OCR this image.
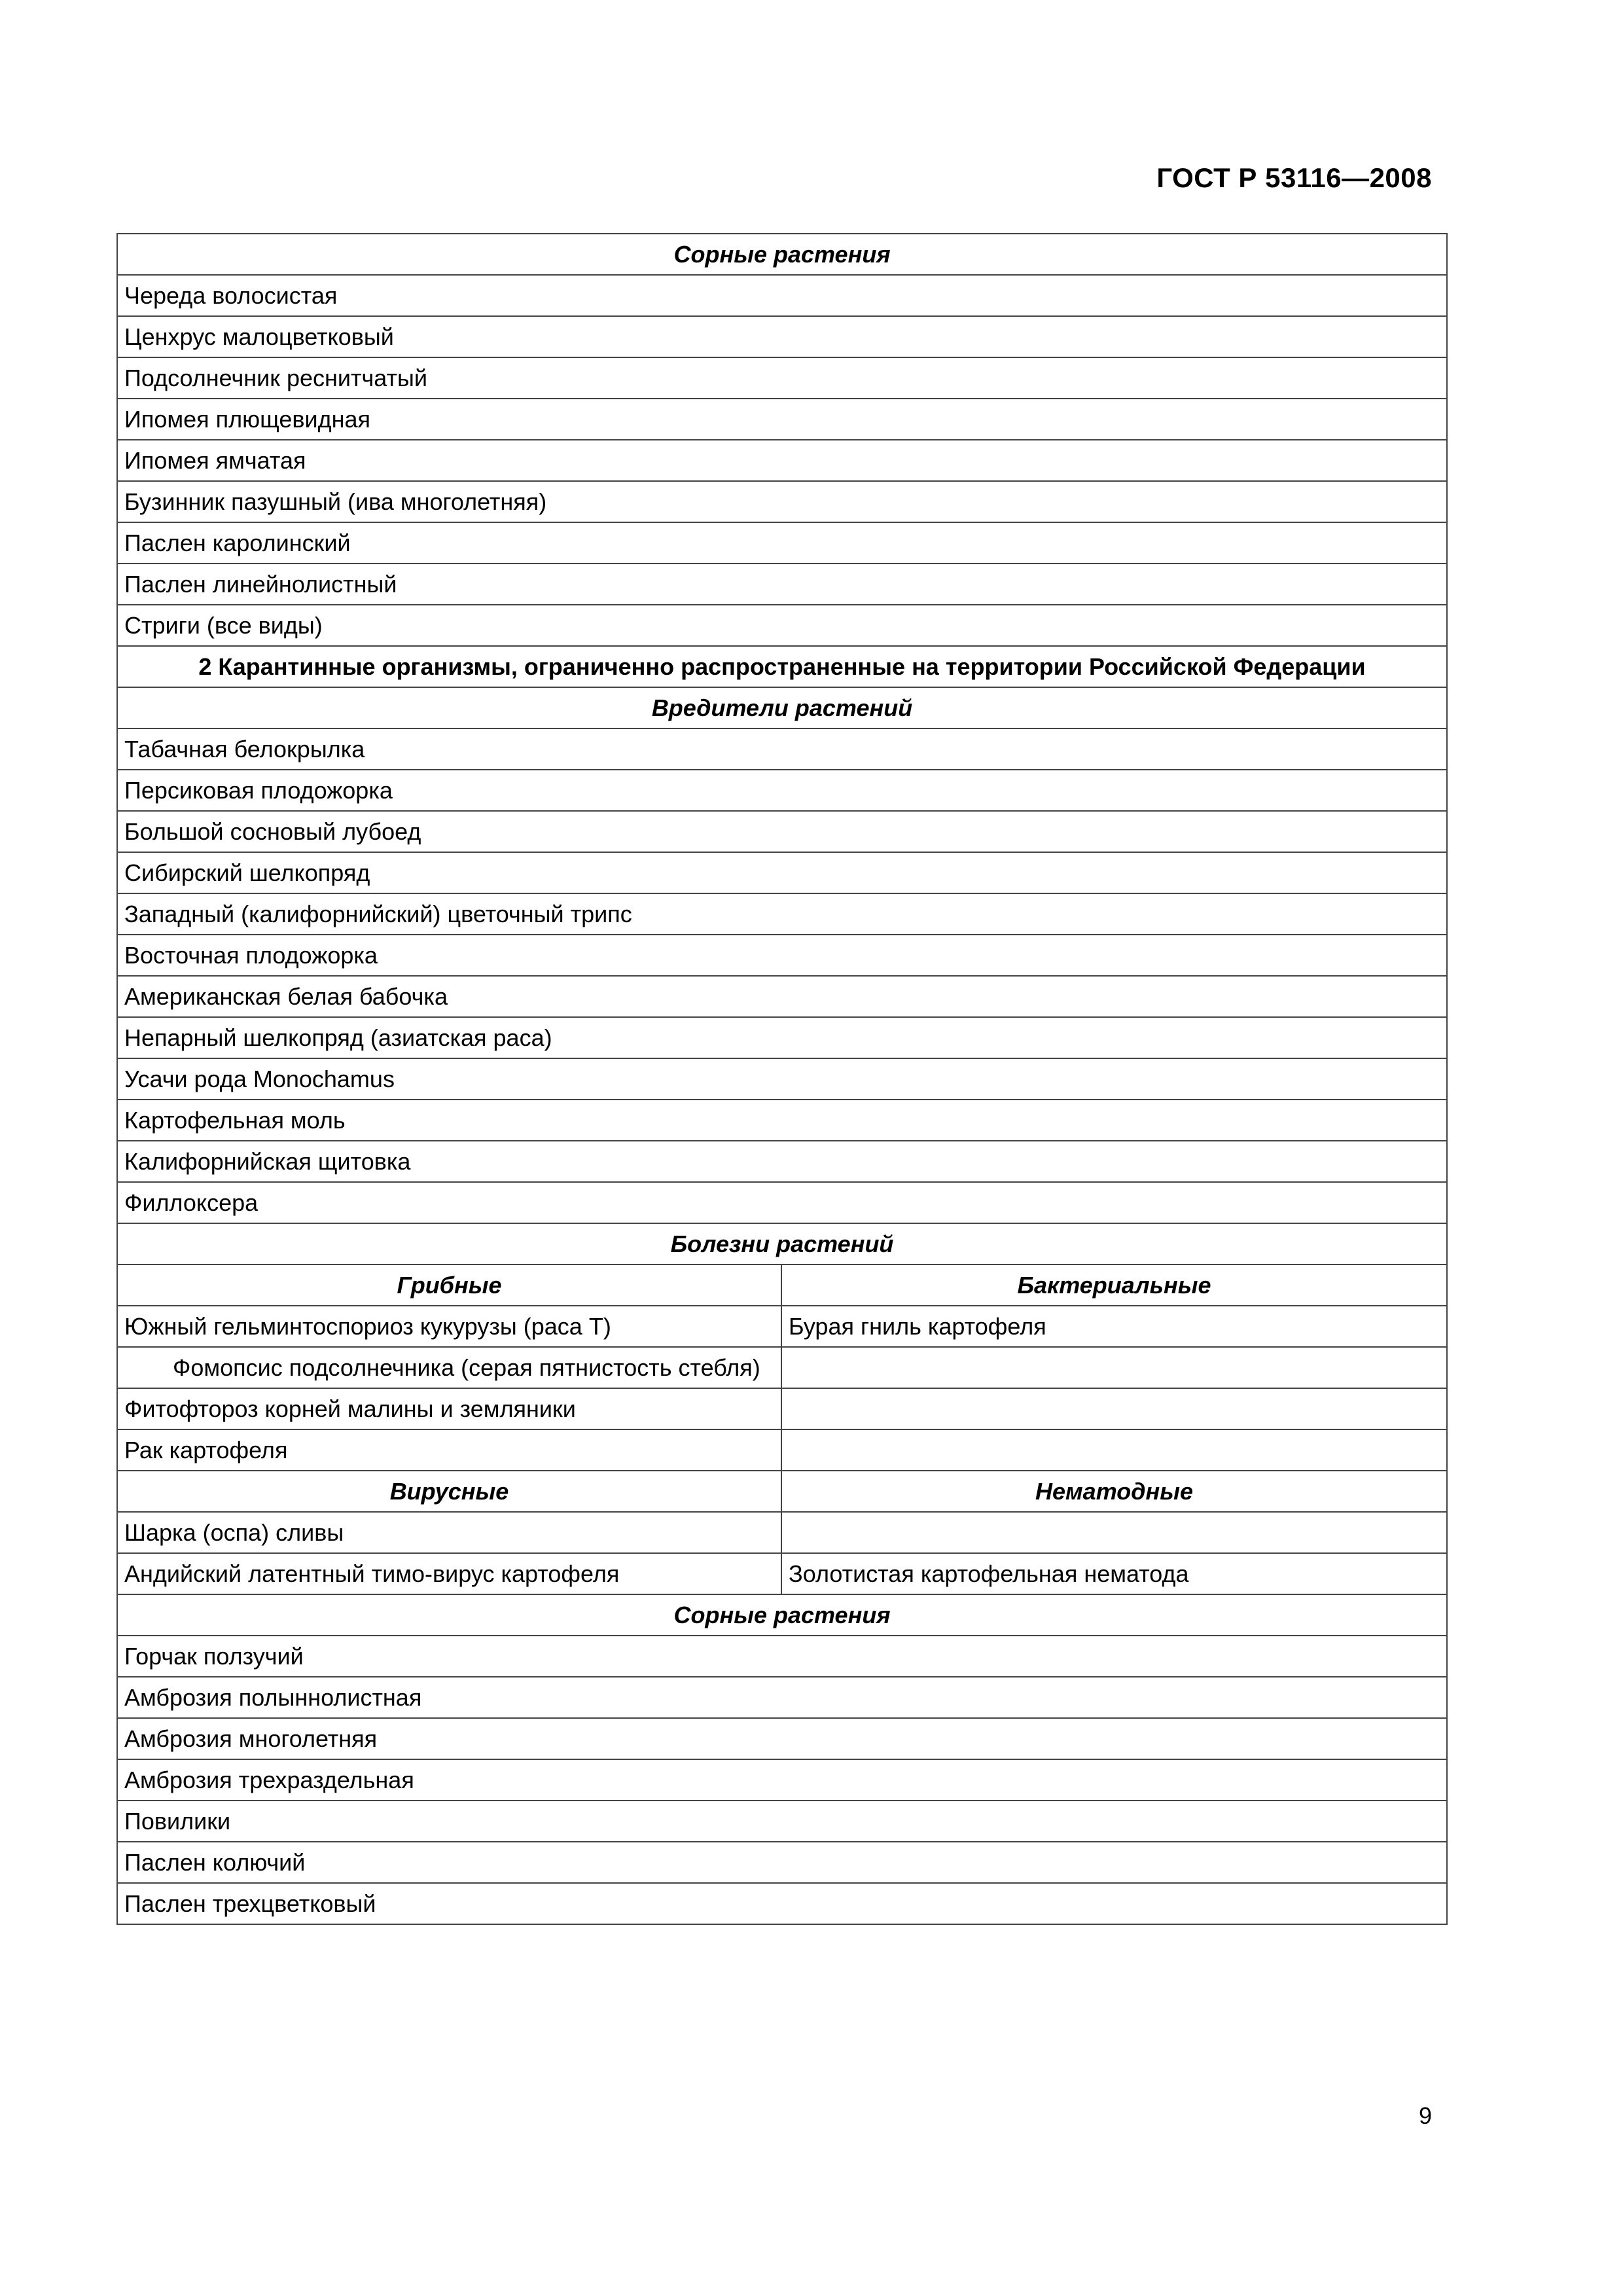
ГОСТ Р 53116—2008
Сорные растения	
Череда волосистая	
Ценхрус малоцветковый	
Подсолнечник реснитчатый	
Ипомея плющевидная	
Ипомея ямчатая	
Бузинник пазушный (ива многолетняя)	
Паслен каролинский	
Паслен линейнолистный	
Стриги (все виды)	
2 Карантинные организмы, ограниченно распространенные на территории Российской Федерации	
Вредители растений	
Табачная белокрылка	
Персиковая плодожорка	
Большой сосновый лубоед	
Сибирский шелкопряд	
Западный (калифорнийский) цветочный трипс	
Восточная плодожорка	
Американская белая бабочка	
Непарный шелкопряд (азиатская раса)	
Усачи рода Monochamus	
Картофельная моль	
Калифорнийская щитовка	
Филлоксера	
Болезни растений	
Грибные	Бактериальные
Южный гельминтоспориоз кукурузы (раса Т)	Бурая гниль картофеля
Фомопсис подсолнечника (серая пятнистость стебля)	
Фитофтороз корней малины и земляники	
Рак картофеля	
Вирусные	Нематодные
Шарка (оспа) сливы	
Андийский латентный тимо-вирус картофеля	Золотистая картофельная нематода
Сорные растения	
Горчак ползучий	
Амброзия полыннолистная	
Амброзия многолетняя	
Амброзия трехраздельная	
Повилики	
Паслен колючий	
Паслен трехцветковый	
9
